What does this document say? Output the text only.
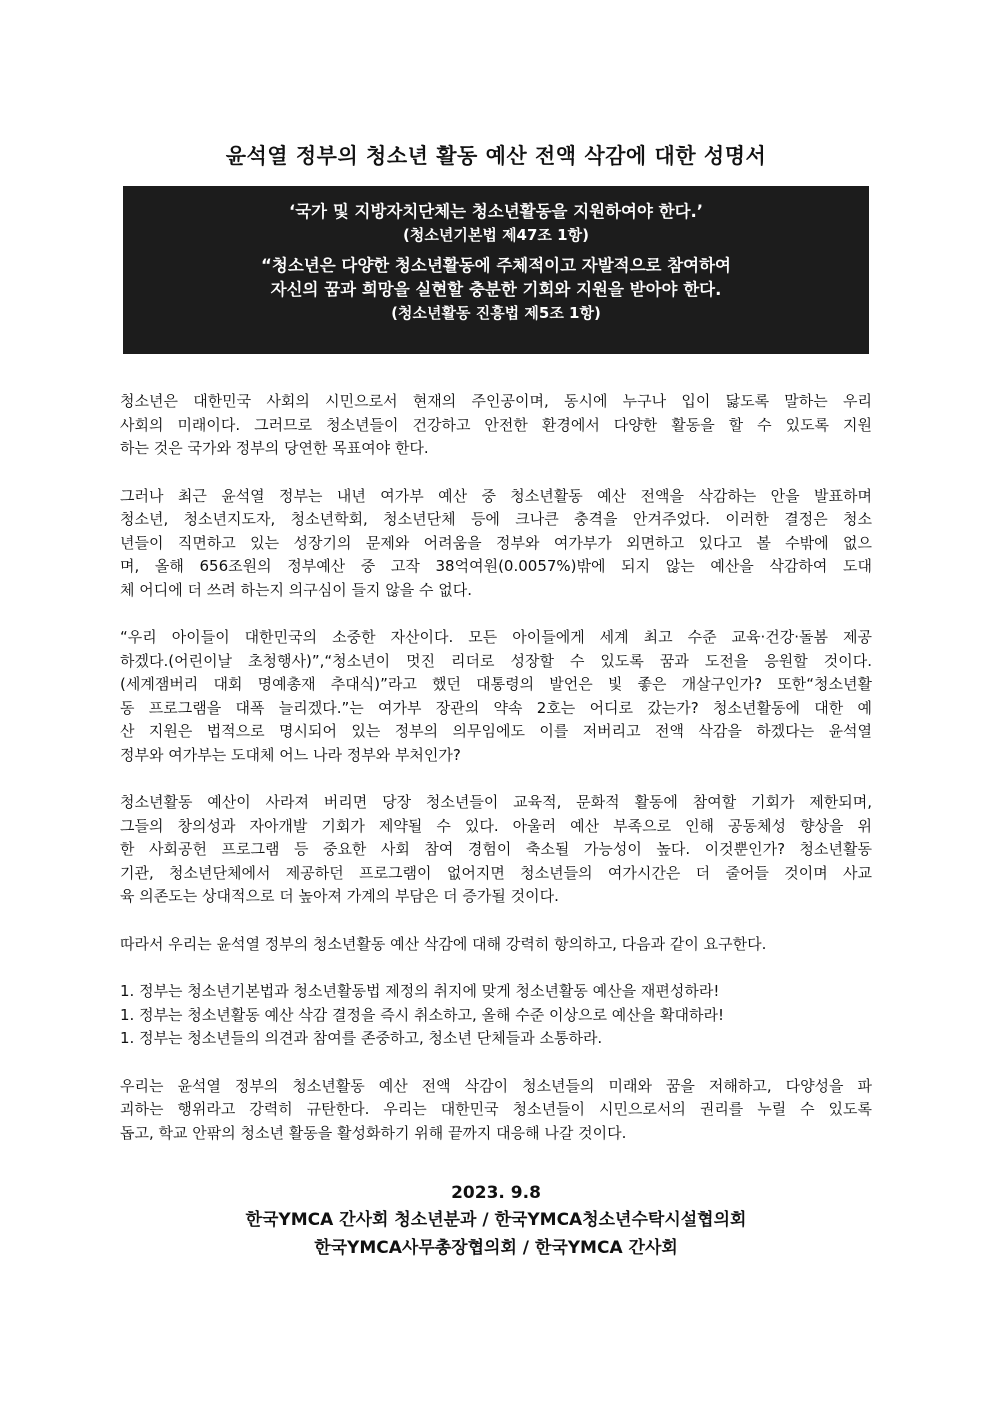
윤석열 정부의 청소년 활동 예산 전액 삭감에 대한 성명서
‘국가 및 지방자치단체는 청소년활동을 지원하여야 한다.’
(청소년기본법 제47조 1항)
“청소년은 다양한 청소년활동에 주체적이고 자발적으로 참여하여
자신의 꿈과 희망을 실현할 충분한 기회와 지원을 받아야 한다.
(청소년활동 진흥법 제5조 1항)
청소년은 대한민국 사회의 시민으로서 현재의 주인공이며, 동시에 누구나 입이 닳도록 말하는 우리
사회의 미래이다. 그러므로 청소년들이 건강하고 안전한 환경에서 다양한 활동을 할 수 있도록 지원
하는 것은 국가와 정부의 당연한 목표여야 한다.
그러나 최근 윤석열 정부는 내년 여가부 예산 중 청소년활동 예산 전액을 삭감하는 안을 발표하며
청소년, 청소년지도자, 청소년학회, 청소년단체 등에 크나큰 충격을 안겨주었다. 이러한 결정은 청소
년들이 직면하고 있는 성장기의 문제와 어려움을 정부와 여가부가 외면하고 있다고 볼 수밖에 없으
며, 올해 656조원의 정부예산 중 고작 38억여원(0.0057%)밖에 되지 않는 예산을 삭감하여 도대
체 어디에 더 쓰려 하는지 의구심이 들지 않을 수 없다.
“우리 아이들이 대한민국의 소중한 자산이다. 모든 아이들에게 세계 최고 수준 교육·건강·돌봄 제공
하겠다.(어린이날 초청행사)”,“청소년이 멋진 리더로 성장할 수 있도록 꿈과 도전을 응원할 것이다.
(세계잼버리 대회 명예총재 추대식)”라고 했던 대통령의 발언은 빛 좋은 개살구인가? 또한“청소년활
동 프로그램을 대폭 늘리겠다.”는 여가부 장관의 약속 2호는 어디로 갔는가? 청소년활동에 대한 예
산 지원은 법적으로 명시되어 있는 정부의 의무임에도 이를 저버리고 전액 삭감을 하겠다는 윤석열
정부와 여가부는 도대체 어느 나라 정부와 부처인가?
청소년활동 예산이 사라져 버리면 당장 청소년들이 교육적, 문화적 활동에 참여할 기회가 제한되며,
그들의 창의성과 자아개발 기회가 제약될 수 있다. 아울러 예산 부족으로 인해 공동체성 향상을 위
한 사회공헌 프로그램 등 중요한 사회 참여 경험이 축소될 가능성이 높다. 이것뿐인가? 청소년활동
기관, 청소년단체에서 제공하던 프로그램이 없어지면 청소년들의 여가시간은 더 줄어들 것이며 사교
육 의존도는 상대적으로 더 높아져 가계의 부담은 더 증가될 것이다.
따라서 우리는 윤석열 정부의 청소년활동 예산 삭감에 대해 강력히 항의하고, 다음과 같이 요구한다.
1. 정부는 청소년기본법과 청소년활동법 제정의 취지에 맞게 청소년활동 예산을 재편성하라!
1. 정부는 청소년활동 예산 삭감 결정을 즉시 취소하고, 올해 수준 이상으로 예산을 확대하라!
1. 정부는 청소년들의 의견과 참여를 존중하고, 청소년 단체들과 소통하라.
우리는 윤석열 정부의 청소년활동 예산 전액 삭감이 청소년들의 미래와 꿈을 저해하고, 다양성을 파
괴하는 행위라고 강력히 규탄한다. 우리는 대한민국 청소년들이 시민으로서의 권리를 누릴 수 있도록
돕고, 학교 안팎의 청소년 활동을 활성화하기 위해 끝까지 대응해 나갈 것이다.
2023. 9.8
한국YMCA 간사회 청소년분과 / 한국YMCA청소년수탁시설협의회
한국YMCA사무총장협의회 / 한국YMCA 간사회
